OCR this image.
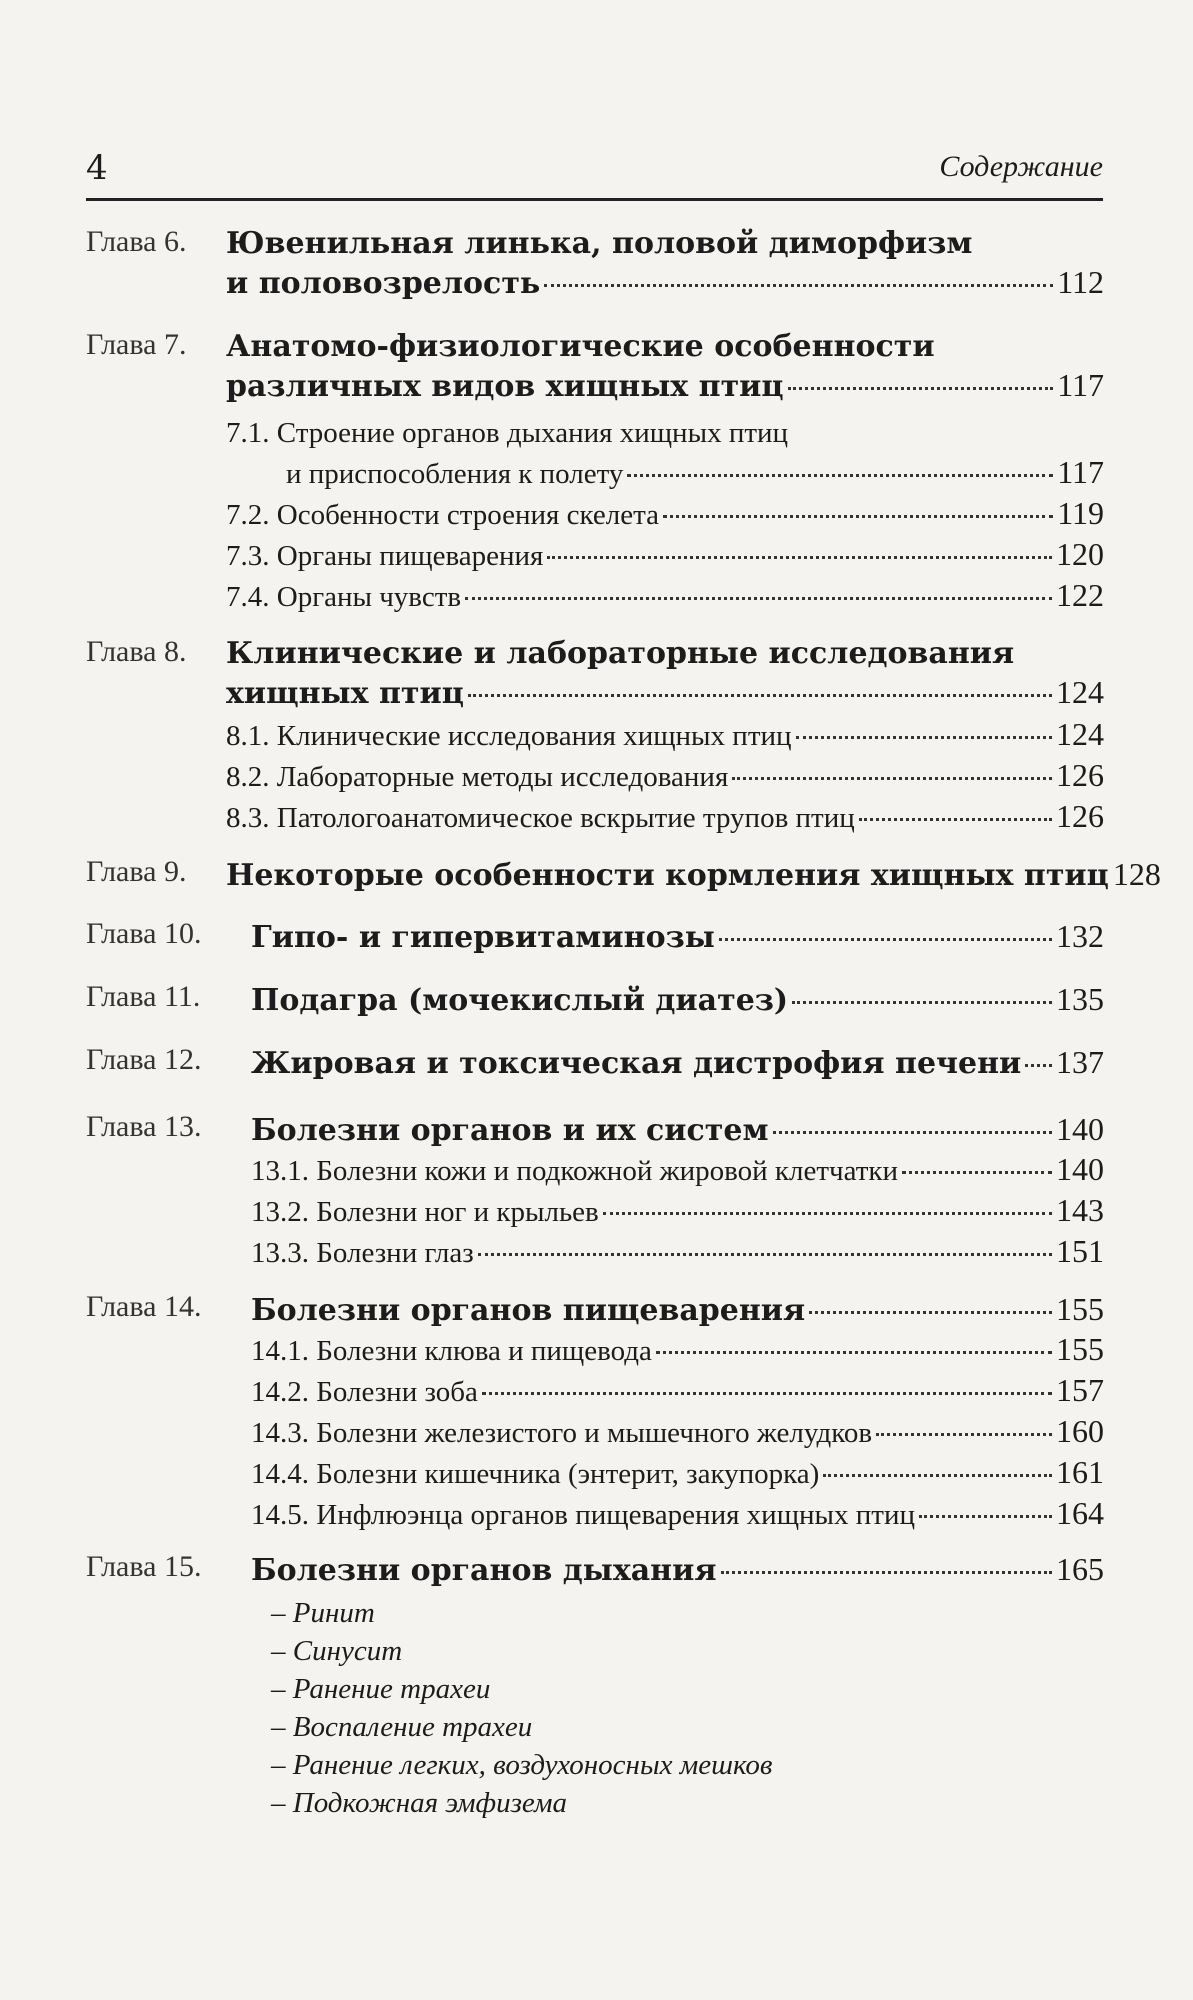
4	Содержание
Глава 6. Ювенильная линька, половой диморфизм
и половозрелость	112
Глава 7. Анатомо-физиологические особенности
различных видов хищных птиц	117
7.1. Строение органов дыхания хищных птиц
и приспособления к полету	117
7.2. Особенности строения скелета	119
7.3. Органы пищеварения	120
7.4. Органы чувств	122
Глава 8. Клинические и лабораторные исследования
хищных птиц	124
8.1. Клинические исследования хищных птиц	124
8.2. Лабораторные методы исследования	126
8.3. Патологоанатомическое вскрытие трупов птиц	126
Глава 9. Некоторые особенности кормления хищных птиц 128
Глава 10. Гипо- и гипервитаминозы	132
Глава 11. Подагра (мочекислый диатез)	135
Глава 12. Жировая и токсическая дистрофия печени 137
Глава 13. Болезни органов и их систем	140
13.1. Болезни кожи и подкожной жировой клетчатки	140
13.2. Болезни ног и крыльев	143
13.3. Болезни глаз	151
Глава 14. Болезни органов пищеварения	155
14.1. Болезни клюва и пищевода	155
14.2. Болезни зоба	157
14.3. Болезни железистого и мышечного желудков	160
14.4. Болезни кишечника (энтерит, закупорка)	161
14.5. Инфлюэнца органов пищеварения хищных птиц	164
Глава 15. Болезни органов дыхания	165
– Ринит
– Синусит
– Ранение трахеи
– Воспаление трахеи
– Ранение легких, воздухоносных мешков
– Подкожная эмфизема
